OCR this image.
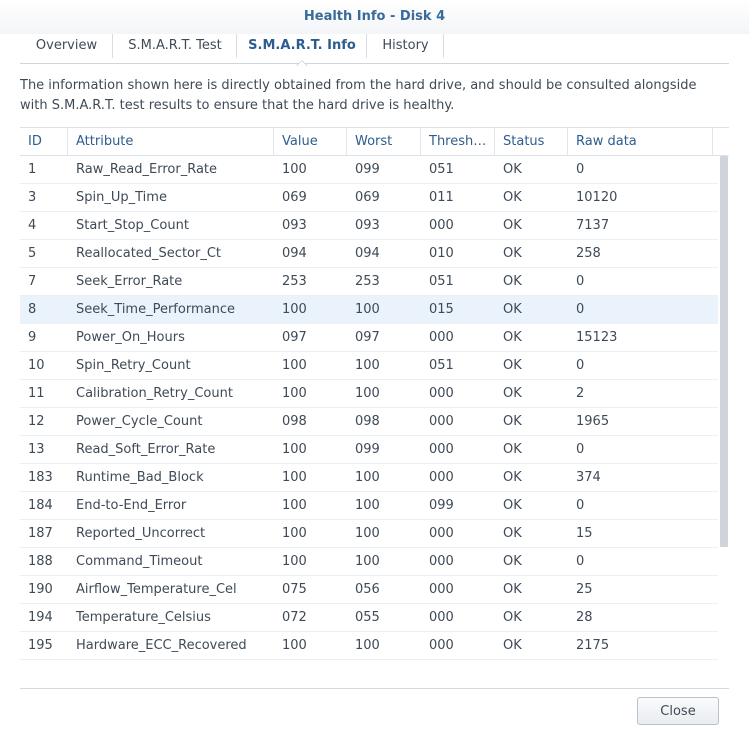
Health Info - Disk 4
Overview	S.M.A.R.T. Test	S.M.A.R.T. Info	History
The information shown here is directly obtained from the hard drive, and should be consulted alongside with S.M.A.R.T. test results to ensure that the hard drive is healthy.
ID	Attribute	Value	Worst	Thresh…	Status	Raw data
1	Raw_Read_Error_Rate	100	099	051	OK	0
3	Spin_Up_Time	069	069	011	OK	10120
4	Start_Stop_Count	093	093	000	OK	7137
5	Reallocated_Sector_Ct	094	094	010	OK	258
7	Seek_Error_Rate	253	253	051	OK	0
8	Seek_Time_Performance	100	100	015	OK	0
9	Power_On_Hours	097	097	000	OK	15123
10	Spin_Retry_Count	100	100	051	OK	0
11	Calibration_Retry_Count	100	100	000	OK	2
12	Power_Cycle_Count	098	098	000	OK	1965
13	Read_Soft_Error_Rate	100	099	000	OK	0
183	Runtime_Bad_Block	100	100	000	OK	374
184	End-to-End_Error	100	100	099	OK	0
187	Reported_Uncorrect	100	100	000	OK	15
188	Command_Timeout	100	100	000	OK	0
190	Airflow_Temperature_Cel	075	056	000	OK	25
194	Temperature_Celsius	072	055	000	OK	28
195	Hardware_ECC_Recovered	100	100	000	OK	2175
Close
